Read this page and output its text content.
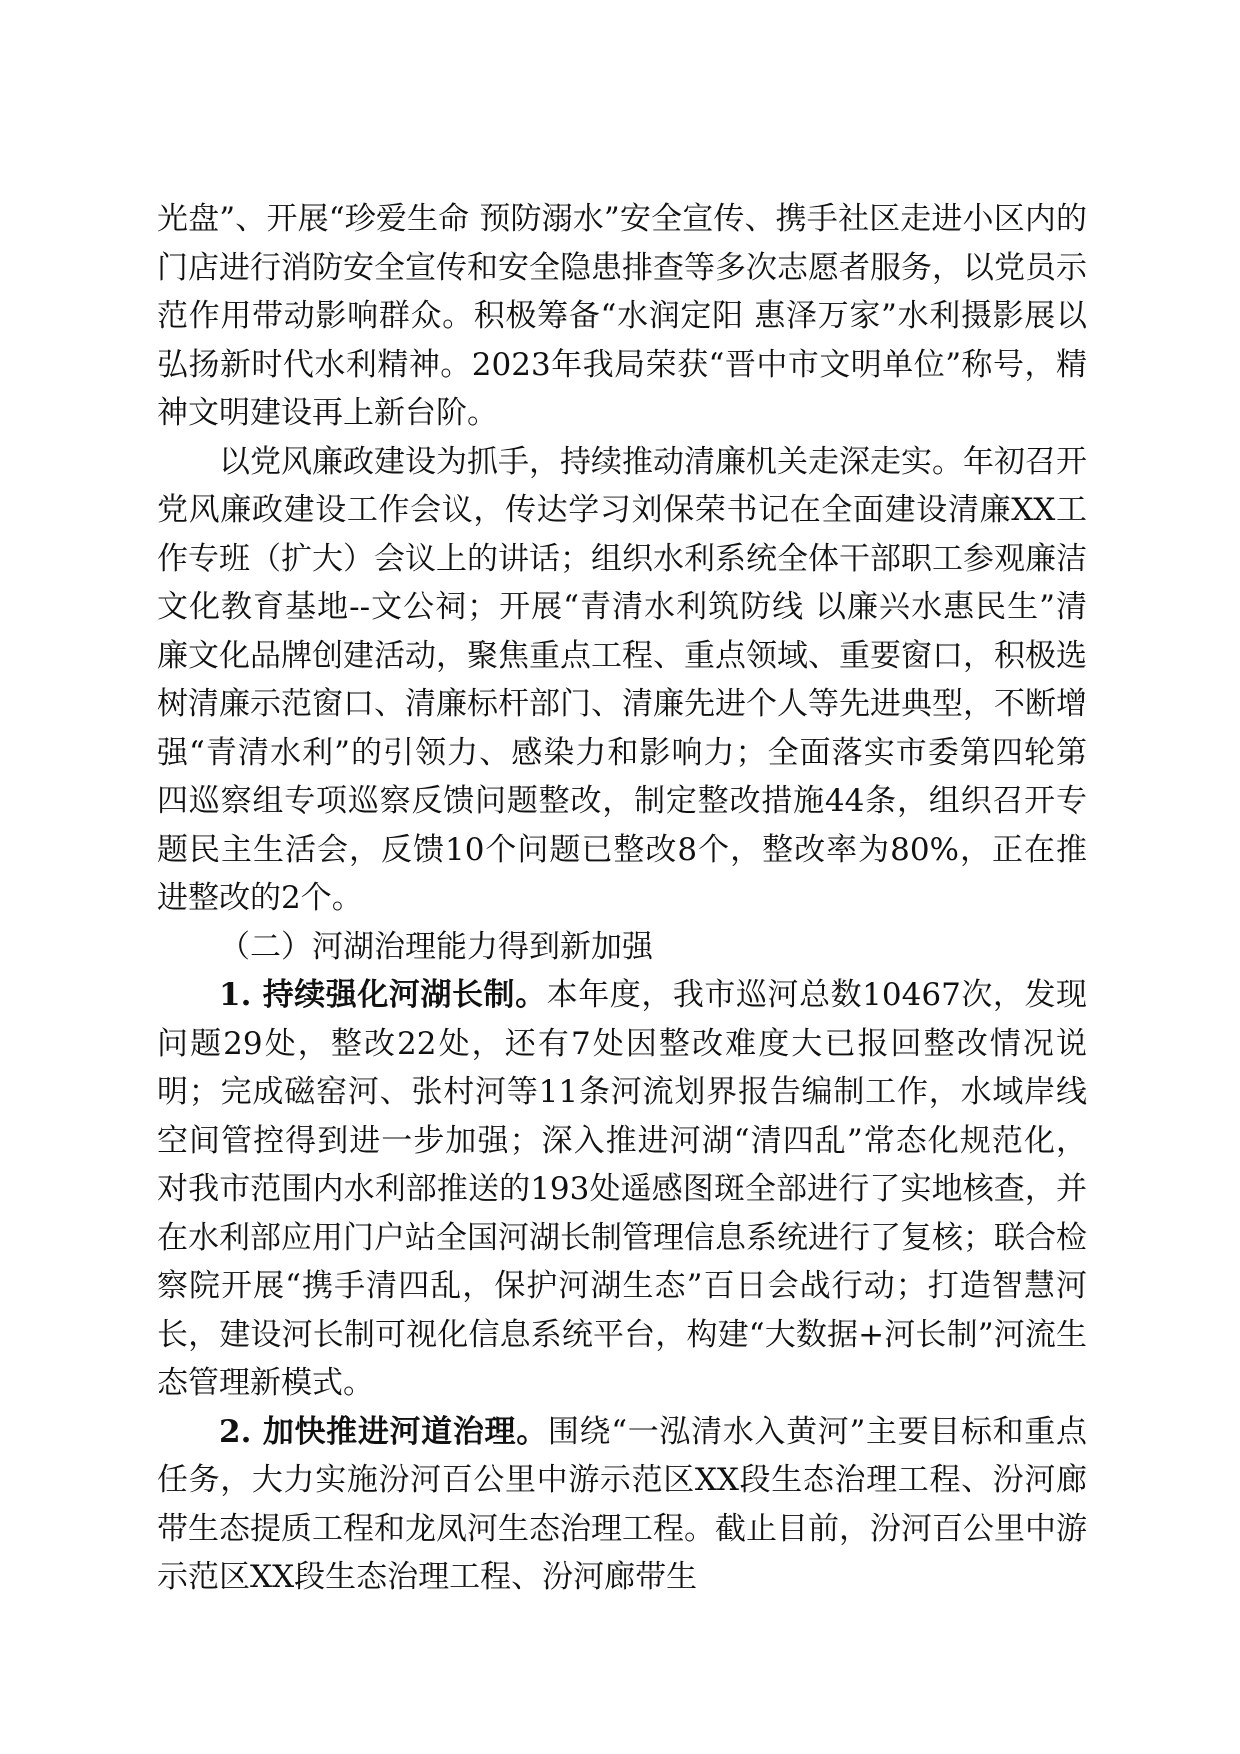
光盘”、开展“珍爱生命 预防溺水”安全宣传、携手社区走进小区内的门店进行消防安全宣传和安全隐患排查等多次志愿者服务，以党员示范作用带动影响群众。积极筹备“水润定阳 惠泽万家”水利摄影展以弘扬新时代水利精神。2023年我局荣获“晋中市文明单位”称号，精神文明建设再上新台阶。

以党风廉政建设为抓手，持续推动清廉机关走深走实。年初召开党风廉政建设工作会议，传达学习刘保荣书记在全面建设清廉XX工作专班（扩大）会议上的讲话；组织水利系统全体干部职工参观廉洁文化教育基地--文公祠；开展“青清水利筑防线 以廉兴水惠民生”清廉文化品牌创建活动，聚焦重点工程、重点领域、重要窗口，积极选树清廉示范窗口、清廉标杆部门、清廉先进个人等先进典型，不断增强“青清水利”的引领力、感染力和影响力；全面落实市委第四轮第四巡察组专项巡察反馈问题整改，制定整改措施44条，组织召开专题民主生活会，反馈10个问题已整改8个，整改率为80%，正在推进整改的2个。

（二）河湖治理能力得到新加强

1. 持续强化河湖长制。本年度，我市巡河总数10467次，发现问题29处，整改22处，还有7处因整改难度大已报回整改情况说明；完成磁窑河、张村河等11条河流划界报告编制工作，水域岸线空间管控得到进一步加强；深入推进河湖“清四乱”常态化规范化，对我市范围内水利部推送的193处遥感图斑全部进行了实地核查，并在水利部应用门户站全国河湖长制管理信息系统进行了复核；联合检察院开展“携手清四乱，保护河湖生态”百日会战行动；打造智慧河长，建设河长制可视化信息系统平台，构建“大数据+河长制”河流生态管理新模式。

2. 加快推进河道治理。围绕“一泓清水入黄河”主要目标和重点任务，大力实施汾河百公里中游示范区XX段生态治理工程、汾河廊带生态提质工程和龙凤河生态治理工程。截止目前，汾河百公里中游示范区XX段生态治理工程、汾河廊带生
